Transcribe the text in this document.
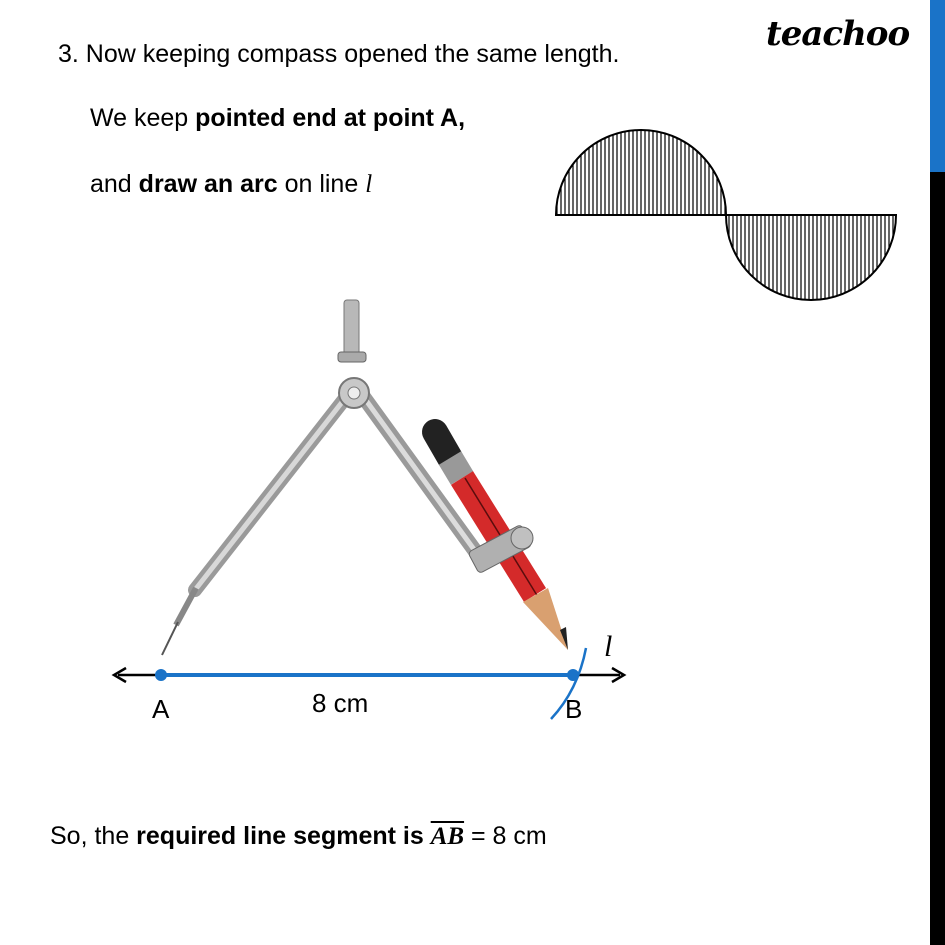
teachoo
3. Now keeping compass opened the same length.
We keep pointed end at point A,
and draw an arc on line l
A	B
8 cm
l
So, the required line segment is $\overline{AB} = 8$ cm
